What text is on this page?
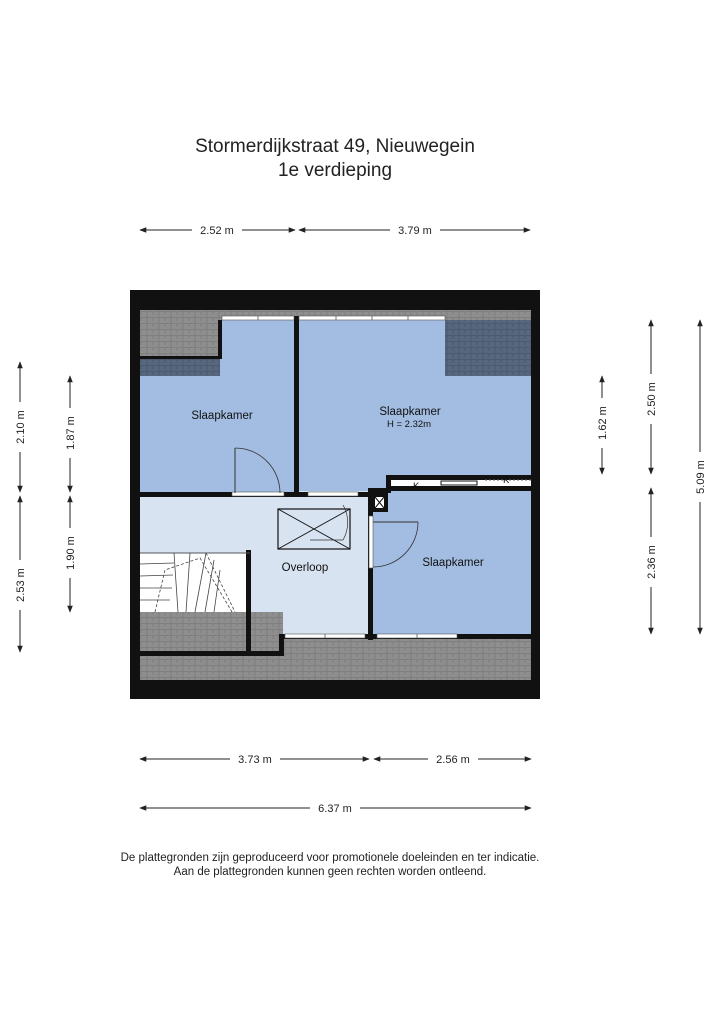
Stormerdijkstraat 49, Nieuwegein
1e verdieping
2.52 m	3.79 m
K
K
Slaapkamer	Slaapkamer
H = 2.32m
Slaapkamer
Overloop
2.10 m
2.53 m
1.87 m
1.90 m
1.62 m
2.50 m
2.36 m
5.09 m
3.73 m	2.56 m
6.37 m
De plattegronden zijn geproduceerd voor promotionele doeleinden en ter indicatie.
Aan de plattegronden kunnen geen rechten worden ontleend.
